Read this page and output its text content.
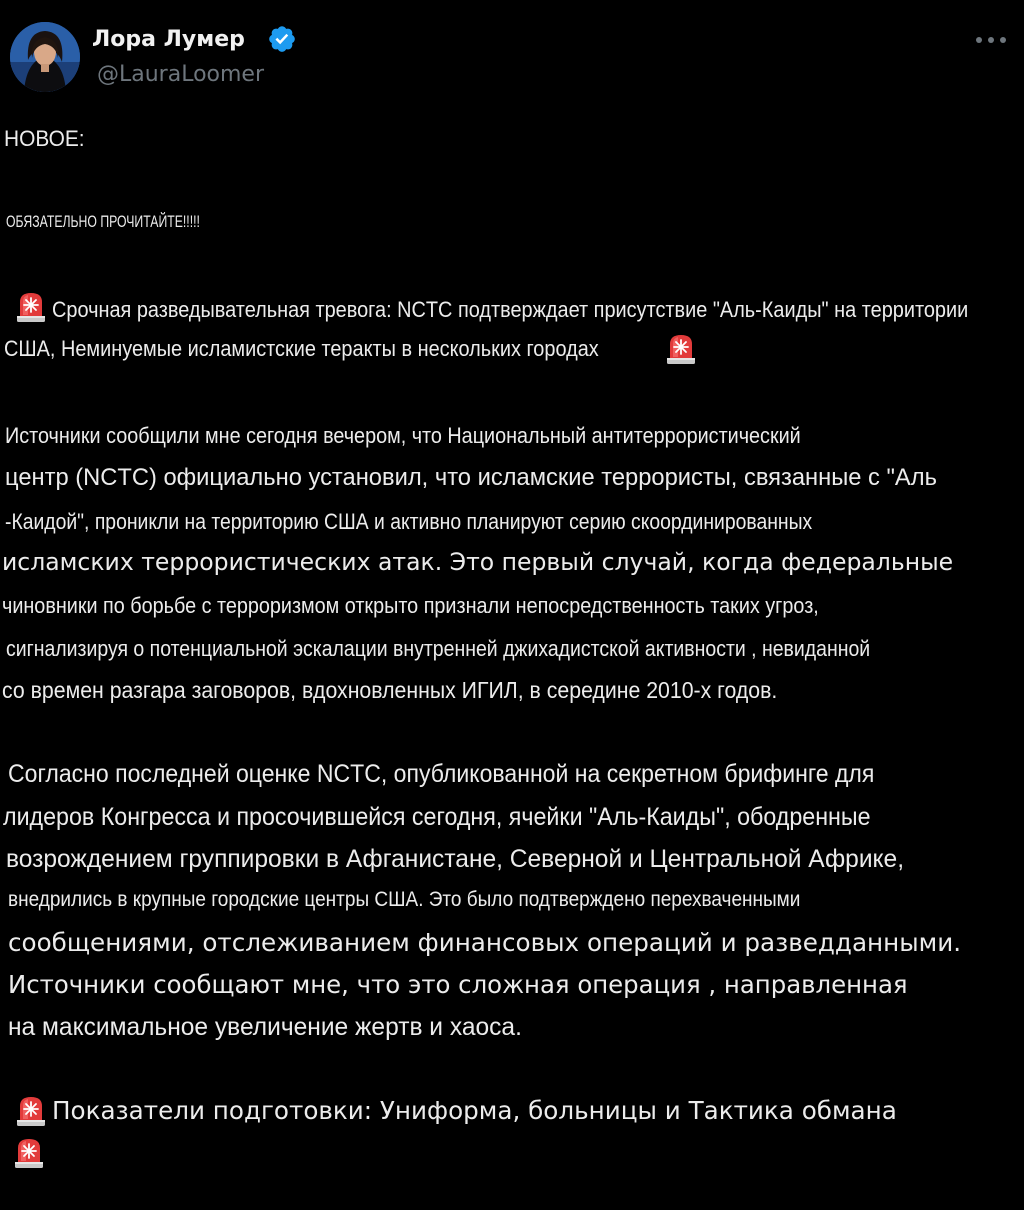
Лора Лумер
@LauraLoomer
НОВОЕ:
ОБЯЗАТЕЛЬНО ПРОЧИТАЙТЕ!!!!!
Срочная разведывательная тревога: NCTC подтверждает присутствие "Аль-Каиды" на территории
США, Неминуемые исламистские теракты в нескольких городах
Источники сообщили мне сегодня вечером, что Национальный антитеррористический
центр (NCTC) официально установил, что исламские террористы, связанные с "Аль
-Каидой", проникли на территорию США и активно планируют серию скоординированных
исламских террористических атак. Это первый случай, когда федеральные
чиновники по борьбе с терроризмом открыто признали непосредственность таких угроз,
сигнализируя о потенциальной эскалации внутренней джихадистской активности , невиданной
со времен разгара заговоров, вдохновленных ИГИЛ, в середине 2010-х годов.
Согласно последней оценке NCTC, опубликованной на секретном брифинге для
лидеров Конгресса и просочившейся сегодня, ячейки "Аль-Каиды", ободренные
возрождением группировки в Афганистане, Северной и Центральной Африке,
внедрились в крупные городские центры США. Это было подтверждено перехваченными
сообщениями, отслеживанием финансовых операций и разведданными.
Источники сообщают мне, что это сложная операция , направленная
на максимальное увеличение жертв и хаоса.
Показатели подготовки: Униформа, больницы и Тактика обмана
